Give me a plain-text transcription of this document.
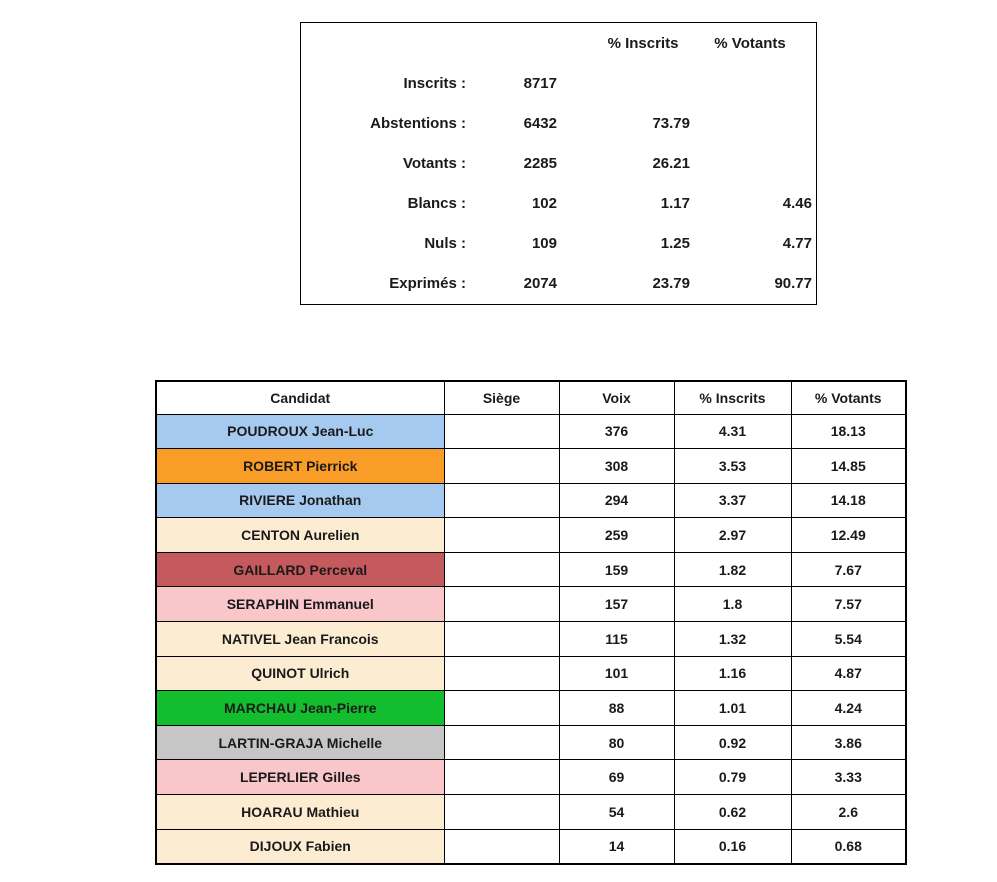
		% Inscrits	% Votants
Inscrits :	8717		
Abstentions :	6432	73.79	
Votants :	2285	26.21	
Blancs :	102	1.17	4.46
Nuls :	109	1.25	4.77
Exprimés :	2074	23.79	90.77
Candidat	Siège	Voix	% Inscrits	% Votants
POUDROUX Jean-Luc		376	4.31	18.13
ROBERT Pierrick		308	3.53	14.85
RIVIERE Jonathan		294	3.37	14.18
CENTON Aurelien		259	2.97	12.49
GAILLARD Perceval		159	1.82	7.67
SERAPHIN Emmanuel		157	1.8	7.57
NATIVEL Jean Francois		115	1.32	5.54
QUINOT Ulrich		101	1.16	4.87
MARCHAU Jean-Pierre		88	1.01	4.24
LARTIN-GRAJA Michelle		80	0.92	3.86
LEPERLIER Gilles		69	0.79	3.33
HOARAU Mathieu		54	0.62	2.6
DIJOUX Fabien		14	0.16	0.68
